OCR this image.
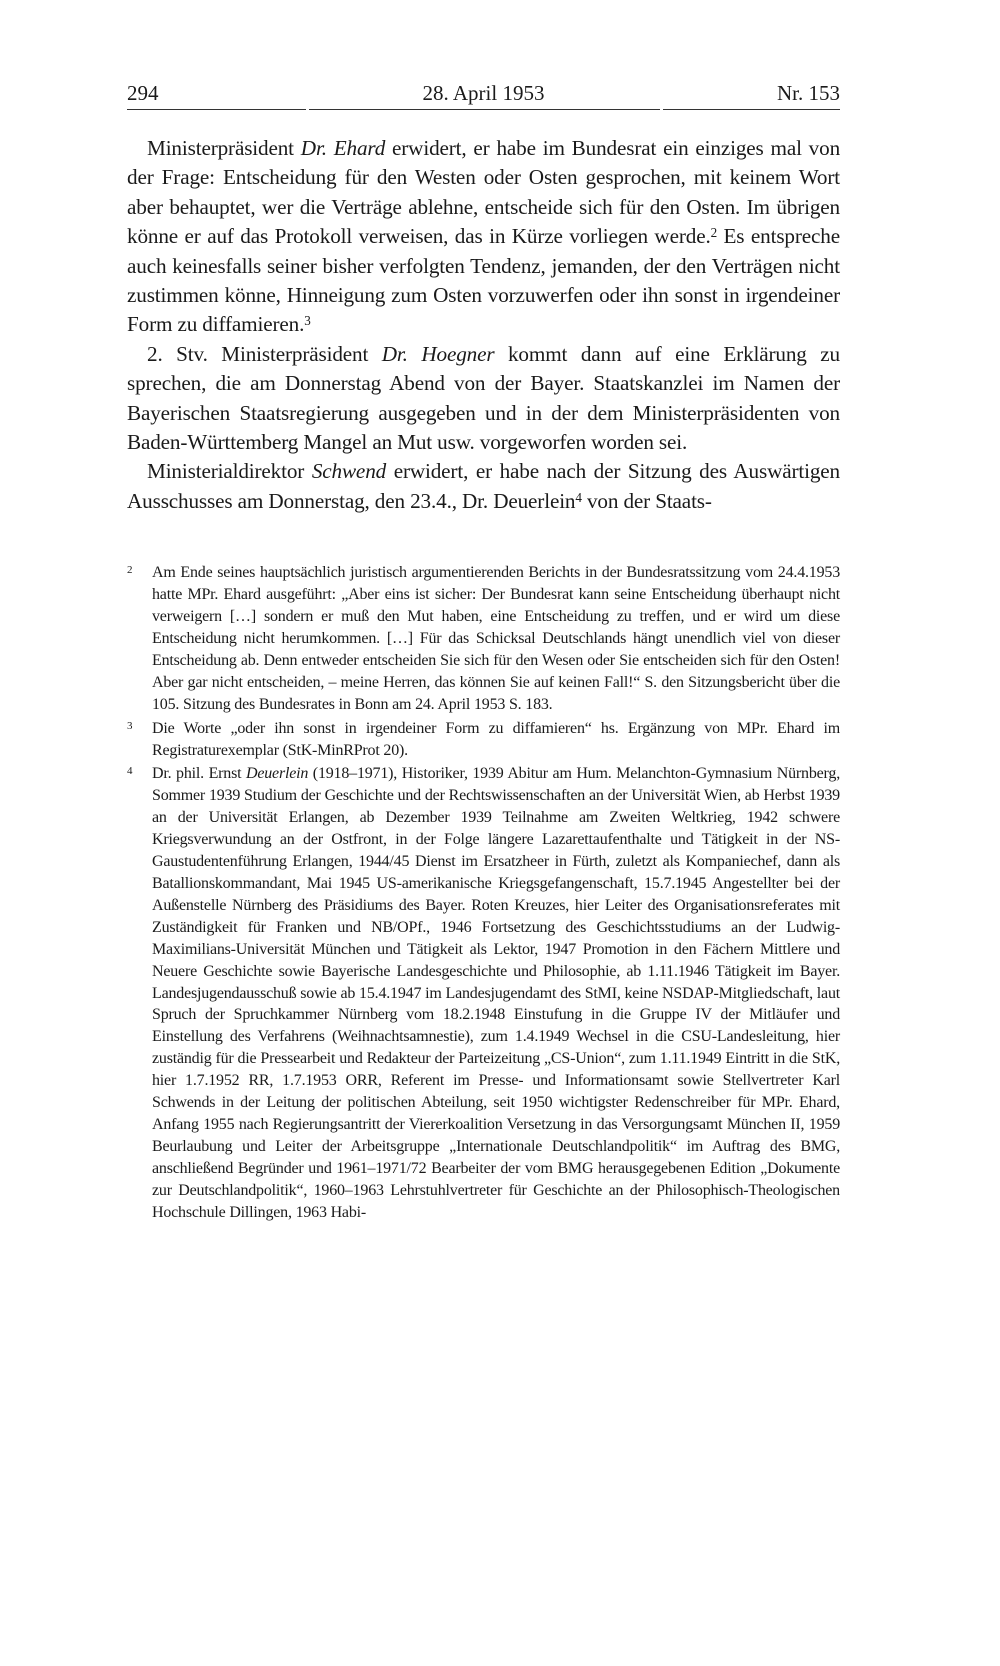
294	28. April 1953	Nr. 153

Ministerpräsident Dr. Ehard erwidert, er habe im Bundesrat ein einziges mal von der Frage: Entscheidung für den Westen oder Osten gesprochen, mit keinem Wort aber behauptet, wer die Verträge ablehne, entscheide sich für den Osten. Im übrigen könne er auf das Protokoll verweisen, das in Kürze vorliegen werde.$^2$ Es entspreche auch keinesfalls seiner bisher verfolgten Tendenz, jemanden, der den Verträgen nicht zustimmen könne, Hinneigung zum Osten vorzuwerfen oder ihn sonst in irgendeiner Form zu diffamieren.$^3$

2. Stv. Ministerpräsident Dr. Hoegner kommt dann auf eine Erklärung zu sprechen, die am Donnerstag Abend von der Bayer. Staatskanzlei im Namen der Bayerischen Staatsregierung ausgegeben und in der dem Ministerpräsidenten von Baden-Württemberg Mangel an Mut usw. vorgeworfen worden sei.

Ministerialdirektor Schwend erwidert, er habe nach der Sitzung des Auswärtigen Ausschusses am Donnerstag, den 23.4., Dr. Deuerlein$^4$ von der Staats-

2 Am Ende seines hauptsächlich juristisch argumentierenden Berichts in der Bundesratssitzung vom 24.4.1953 hatte MPr. Ehard ausgeführt: „Aber eins ist sicher: Der Bundesrat kann seine Entscheidung überhaupt nicht verweigern […] sondern er muß den Mut haben, eine Entscheidung zu treffen, und er wird um diese Entscheidung nicht herumkommen. […] Für das Schicksal Deutschlands hängt unendlich viel von dieser Entscheidung ab. Denn entweder entscheiden Sie sich für den Wesen oder Sie entscheiden sich für den Osten! Aber gar nicht entscheiden, – meine Herren, das können Sie auf keinen Fall!“ S. den Sitzungsbericht über die 105. Sitzung des Bundesrates in Bonn am 24. April 1953 S. 183.
3 Die Worte „oder ihn sonst in irgendeiner Form zu diffamieren“ hs. Ergänzung von MPr. Ehard im Registraturexemplar (StK-MinRProt 20).
4 Dr. phil. Ernst Deuerlein (1918–1971), Historiker, 1939 Abitur am Hum. Melanchton-Gymnasium Nürnberg, Sommer 1939 Studium der Geschichte und der Rechtswissenschaften an der Universität Wien, ab Herbst 1939 an der Universität Erlangen, ab Dezember 1939 Teilnahme am Zweiten Weltkrieg, 1942 schwere Kriegsverwundung an der Ostfront, in der Folge längere Lazarettaufenthalte und Tätigkeit in der NS-Gaustudentenführung Erlangen, 1944/45 Dienst im Ersatzheer in Fürth, zuletzt als Kompaniechef, dann als Batallionskommandant, Mai 1945 US-amerikanische Kriegsgefangenschaft, 15.7.1945 Angestellter bei der Außenstelle Nürnberg des Präsidiums des Bayer. Roten Kreuzes, hier Leiter des Organisationsreferates mit Zuständigkeit für Franken und NB/OPf., 1946 Fortsetzung des Geschichtsstudiums an der Ludwig-Maximilians-Universität München und Tätigkeit als Lektor, 1947 Promotion in den Fächern Mittlere und Neuere Geschichte sowie Bayerische Landesgeschichte und Philosophie, ab 1.11.1946 Tätigkeit im Bayer. Landesjugendausschuß sowie ab 15.4.1947 im Landesjugendamt des StMI, keine NSDAP-Mitgliedschaft, laut Spruch der Spruchkammer Nürnberg vom 18.2.1948 Einstufung in die Gruppe IV der Mitläufer und Einstellung des Verfahrens (Weihnachtsamnestie), zum 1.4.1949 Wechsel in die CSU-Landesleitung, hier zuständig für die Pressearbeit und Redakteur der Parteizeitung „CS-Union“, zum 1.11.1949 Eintritt in die StK, hier 1.7.1952 RR, 1.7.1953 ORR, Referent im Presse- und Informationsamt sowie Stellvertreter Karl Schwends in der Leitung der politischen Abteilung, seit 1950 wichtigster Redenschreiber für MPr. Ehard, Anfang 1955 nach Regierungsantritt der Viererkoalition Versetzung in das Versorgungsamt München II, 1959 Beurlaubung und Leiter der Arbeitsgruppe „Internationale Deutschlandpolitik“ im Auftrag des BMG, anschließend Begründer und 1961–1971/72 Bearbeiter der vom BMG herausgegebenen Edition „Dokumente zur Deutschlandpolitik“, 1960–1963 Lehrstuhlvertreter für Geschichte an der Philosophisch-Theologischen Hochschule Dillingen, 1963 Habi-
